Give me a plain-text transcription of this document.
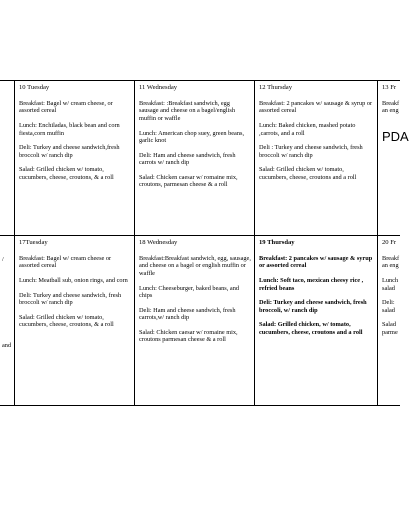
/

and

10 Tuesday

Breakfast: Bagel w/ cream cheese, or assorted cereal

Lunch: Enchiladas, black bean and corn fiesta,corn muffin

Deli: Turkey and cheese sandwich,fresh broccoli w/ ranch dip

Salad: Grilled chicken w/ tomato, cucumbers, cheese, croutons, & a roll

11 Wednesday

Breakfast: :Breakfast sandwich, egg sausage and cheese on a bagel/english muffin or waffle

Lunch: American chop suey, green beans, garlic knot

Deli: Ham and cheese sandwich, fresh carrots w/ ranch dip

Salad: Chicken caesar w/ romaine mix, croutons, parmesan cheese & a roll

12 Thursday

Breakfast: 2 pancakes w/ sausage & syrup or assorted cereal

Lunch: Baked chicken, mashed potato ,carrots, and a roll

Deli : Turkey and cheese sandwich, fresh broccoli w/ ranch dip

Salad: Grilled chicken w/ tomato, cucumbers, cheese, croutons and a roll

13 Fr

Breakf an eng

PDA
17Tuesday

Breakfast: Bagel w/ cream cheese or assorted cereal

Lunch: Meatball sub, onion rings, and corn

Deli: Turkey and cheese sandwich, fresh broccoli w/ ranch dip

Salad: Grilled chicken w/ tomato, cucumbers, cheese, croutons, & a roll

18 Wednesday

Breakfast:Breakfast sandwich, egg, sausage, and cheese on a bagel or english muffin or waffle

Lunch: Cheeseburger, baked beans, and chips

Deli: Ham and cheese sandwich, fresh carrots,w/ ranch dip

Salad: Chicken caesar w/ romaine mix, croutons parmesan cheese & a roll

19 Thursday

Breakfast: 2 pancakes w/ sausage & syrup or assorted cereal

Lunch: Soft taco, mexican cheesy rice , refried beans

Deli: Turkey and cheese sandwich, fresh broccoli, w/ ranch dip

Salad: Grilled chicken, w/ tomato, cucumbers, cheese, croutons and a roll

20 Fr

Breakf an eng

Lunch salad

Deli: salad

Salad parme
